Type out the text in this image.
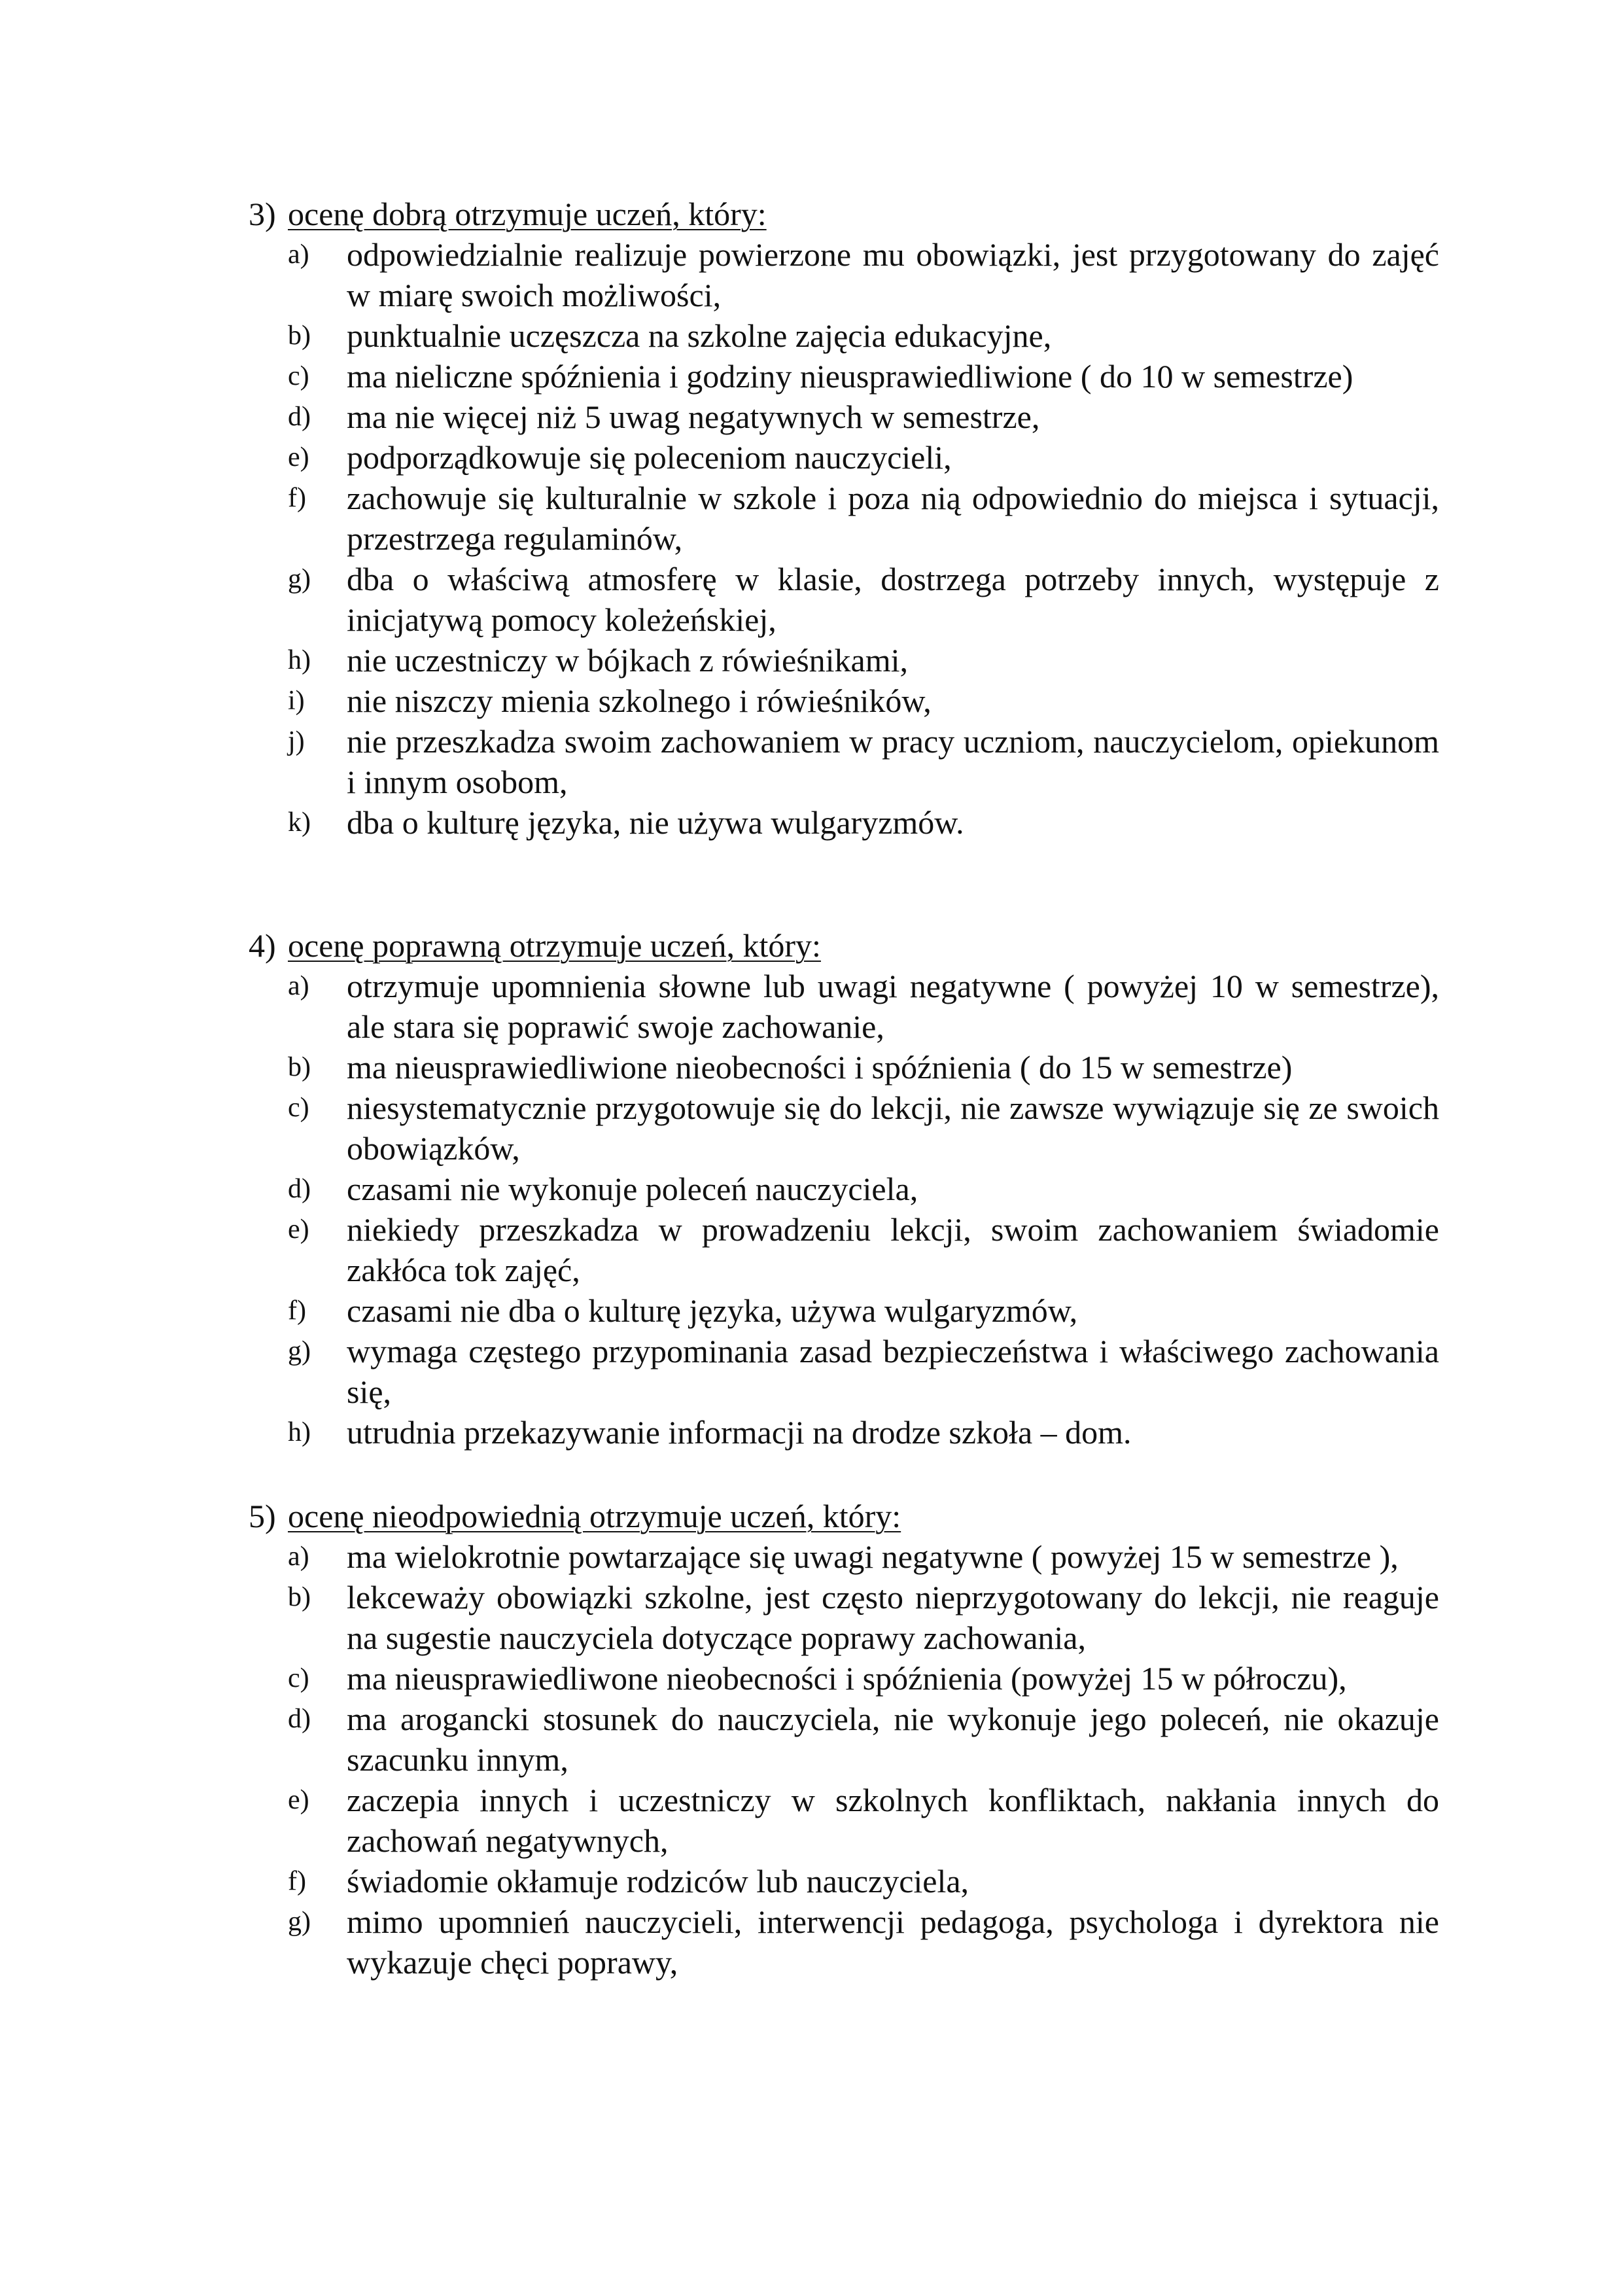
3) ocenę dobrą otrzymuje uczeń, który:
a) odpowiedzialnie realizuje powierzone mu obowiązki, jest przygotowany do zajęć w miarę swoich możliwości,
b) punktualnie uczęszcza na szkolne zajęcia edukacyjne,
c) ma nieliczne spóźnienia i godziny nieusprawiedliwione ( do 10 w semestrze)
d) ma nie więcej niż 5 uwag negatywnych w semestrze,
e) podporządkowuje się poleceniom nauczycieli,
f) zachowuje się kulturalnie w szkole i poza nią odpowiednio do miejsca i sytuacji, przestrzega regulaminów,
g) dba o właściwą atmosferę w klasie, dostrzega potrzeby innych, występuje z inicjatywą pomocy koleżeńskiej,
h) nie uczestniczy w bójkach z rówieśnikami,
i) nie niszczy mienia szkolnego i rówieśników,
j) nie przeszkadza swoim zachowaniem w pracy uczniom, nauczycielom, opiekunom i innym osobom,
k) dba o kulturę języka, nie używa wulgaryzmów.
4) ocenę poprawną otrzymuje uczeń, który:
a) otrzymuje upomnienia słowne lub uwagi negatywne ( powyżej 10 w semestrze), ale stara się poprawić swoje zachowanie,
b) ma nieusprawiedliwione nieobecności i spóźnienia ( do 15 w semestrze)
c) niesystematycznie przygotowuje się do lekcji, nie zawsze wywiązuje się ze swoich obowiązków,
d) czasami nie wykonuje poleceń nauczyciela,
e) niekiedy przeszkadza w prowadzeniu lekcji, swoim zachowaniem świadomie zakłóca tok zajęć,
f) czasami nie dba o kulturę języka, używa wulgaryzmów,
g) wymaga częstego przypominania zasad bezpieczeństwa i właściwego zachowania się,
h) utrudnia przekazywanie informacji na drodze szkoła – dom.
5) ocenę nieodpowiednią otrzymuje uczeń, który:
a) ma wielokrotnie powtarzające się uwagi negatywne ( powyżej 15 w semestrze ),
b) lekceważy obowiązki szkolne, jest często nieprzygotowany do lekcji, nie reaguje na sugestie nauczyciela dotyczące poprawy zachowania,
c) ma nieusprawiedliwone nieobecności i spóźnienia (powyżej 15 w półroczu),
d) ma arogancki stosunek do nauczyciela, nie wykonuje jego poleceń, nie okazuje szacunku innym,
e) zaczepia innych i uczestniczy w szkolnych konfliktach, nakłania innych do zachowań negatywnych,
f) świadomie okłamuje rodziców lub nauczyciela,
g) mimo upomnień nauczycieli, interwencji pedagoga, psychologa i dyrektora nie wykazuje chęci poprawy,
